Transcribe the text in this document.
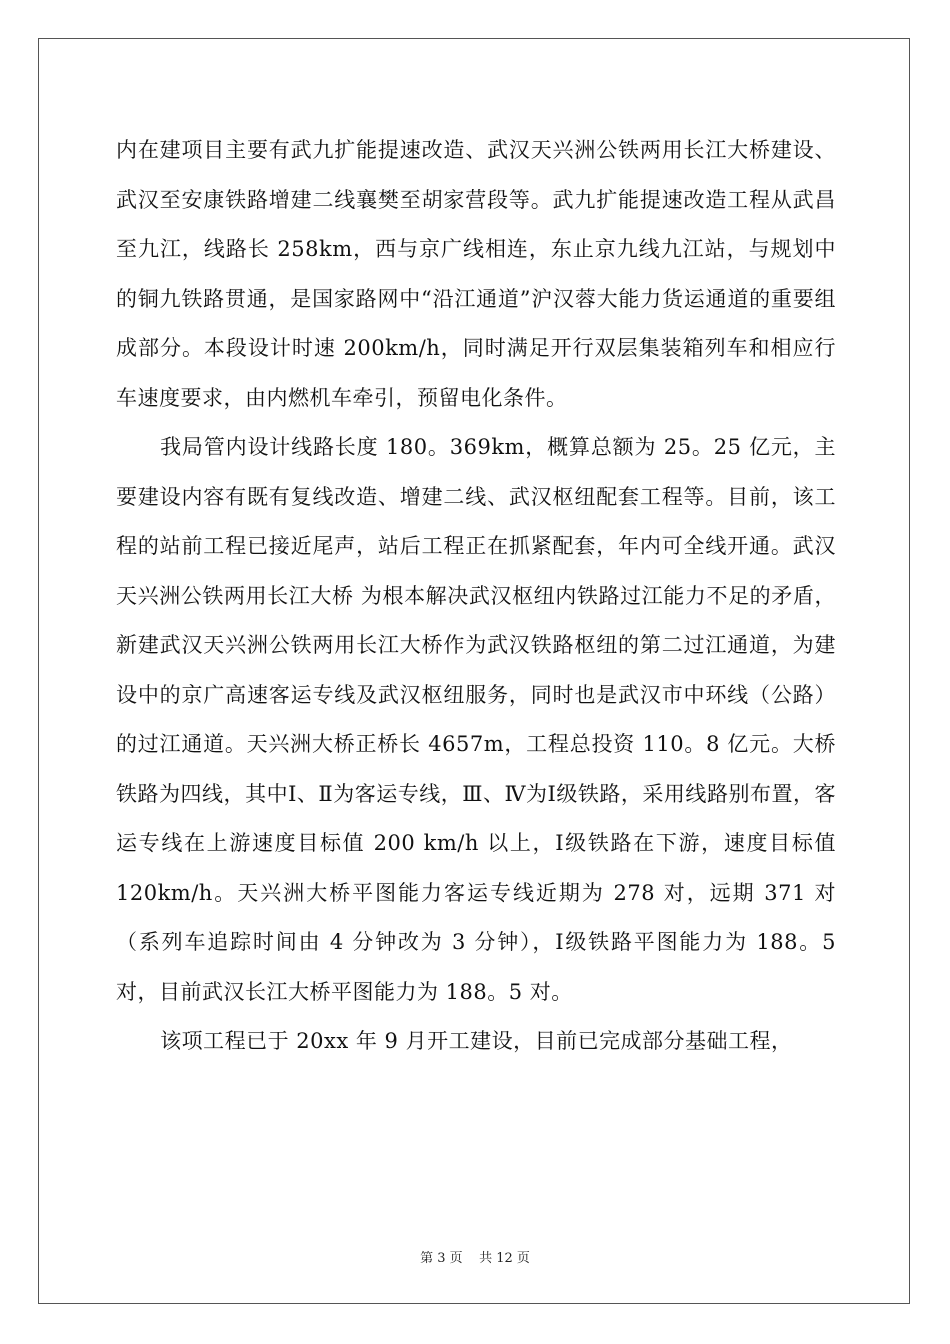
内在建项目主要有武九扩能提速改造、武汉天兴洲公铁两用长江大桥建设、武汉至安康铁路增建二线襄樊至胡家营段等。武九扩能提速改造工程从武昌至九江，线路长 258km，西与京广线相连，东止京九线九江站，与规划中的铜九铁路贯通，是国家路网中“沿江通道”沪汉蓉大能力货运通道的重要组成部分。本段设计时速 200km/h，同时满足开行双层集装箱列车和相应行车速度要求，由内燃机车牵引，预留电化条件。

我局管内设计线路长度 180。369km，概算总额为 25。25 亿元，主要建设内容有既有复线改造、增建二线、武汉枢纽配套工程等。目前，该工程的站前工程已接近尾声，站后工程正在抓紧配套，年内可全线开通。武汉天兴洲公铁两用长江大桥 为根本解决武汉枢纽内铁路过江能力不足的矛盾，新建武汉天兴洲公铁两用长江大桥作为武汉铁路枢纽的第二过江通道，为建设中的京广高速客运专线及武汉枢纽服务，同时也是武汉市中环线（公路）的过江通道。天兴洲大桥正桥长 4657m，工程总投资 110。8 亿元。大桥铁路为四线，其中Ⅰ、Ⅱ为客运专线，Ⅲ、Ⅳ为Ⅰ级铁路，采用线路别布置，客运专线在上游速度目标值 200 km/h 以上，Ⅰ级铁路在下游，速度目标值 120km/h。天兴洲大桥平图能力客运专线近期为 278 对，远期 371 对（系列车追踪时间由 4 分钟改为 3 分钟），Ⅰ级铁路平图能力为 188。5 对，目前武汉长江大桥平图能力为 188。5 对。

该项工程已于 20xx 年 9 月开工建设，目前已完成部分基础工程，

第 3 页    共 12 页
